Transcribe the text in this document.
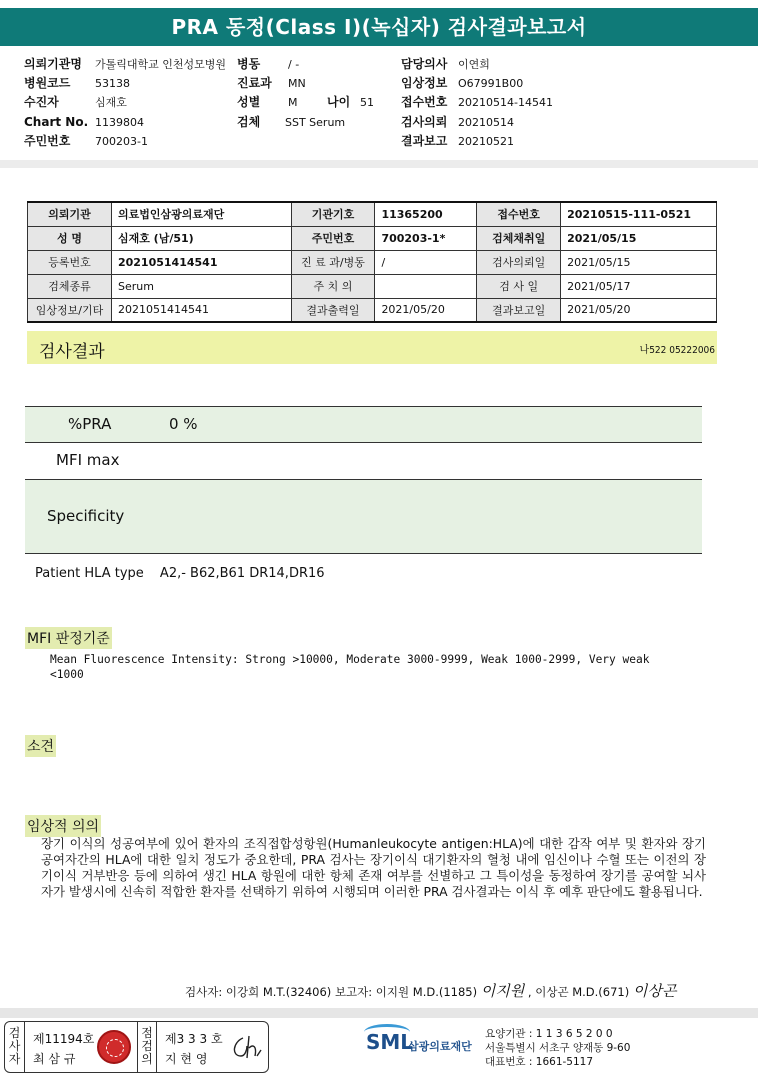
PRA 동정(Class I)(녹십자) 검사결과보고서
의뢰기관명 가톨릭대학교 인천성모병원
병원코드 53138
수진자	심재호
Chart No. 1139804
주민번호 700203-1
병동	/ -
진료과 MN
성별	M 나이 51
검체 SST Serum
담당의사 이연희
임상정보 O67991B00
접수번호 20210514-14541
검사의뢰 20210514
결과보고 20210521
의뢰기관	의료법인삼광의료재단	기관기호	11365200	접수번호	20210515-111-0521
성 명	심재호 (남/51)	주민번호	700203-1*	검체채취일	2021/05/15
등록번호	2021051414541	진 료 과/병동	/	검사의뢰일	2021/05/15
검체종류	Serum	주 치 의		검 사 일	2021/05/17
임상정보/기타	2021051414541	결과출력일	2021/05/20	결과보고일	2021/05/20
검사결과	나522 05222006
%PRA	0 %
MFI max
Specificity
Patient HLA type A2,- B62,B61 DR14,DR16
MFI 판정기준
Mean Fluorescence Intensity: Strong >10000, Moderate 3000-9999, Weak 1000-2999, Very weak
<1000
소견
임상적 의의
장기 이식의 성공여부에 있어 환자의 조직접합성항원(Humanleukocyte antigen:HLA)에 대한 감작 여부 및 환자와 장기공여자간의 HLA에 대한 일치 정도가 중요한데, PRA 검사는 장기이식 대기환자의 혈청 내에 임신이나 수혈 또는 이전의 장기이식 거부반응 등에 의하여 생긴 HLA 항원에 대한 항체 존재 여부를 선별하고 그 특이성을 동정하여 장기를 공여할 뇌사자가 발생시에 신속히 적합한 환자를 선택하기 위하여 시행되며 이러한 PRA 검사결과는 이식 후 예후 판단에도 활용됩니다.
검사자: 이강희 M.T.(32406) 보고자: 이지원 M.D.(1185) 이지원 , 이상곤 M.D.(671) 이상곤
검사자
제11194호
최 삼 규
점검의
제3 3 3 호
지 현 영
SML
삼광의료재단
요양기관 : 1 1 3 6 5 2 0 0
서울특별시 서초구 양재동 9-60
대표번호 : 1661-5117
